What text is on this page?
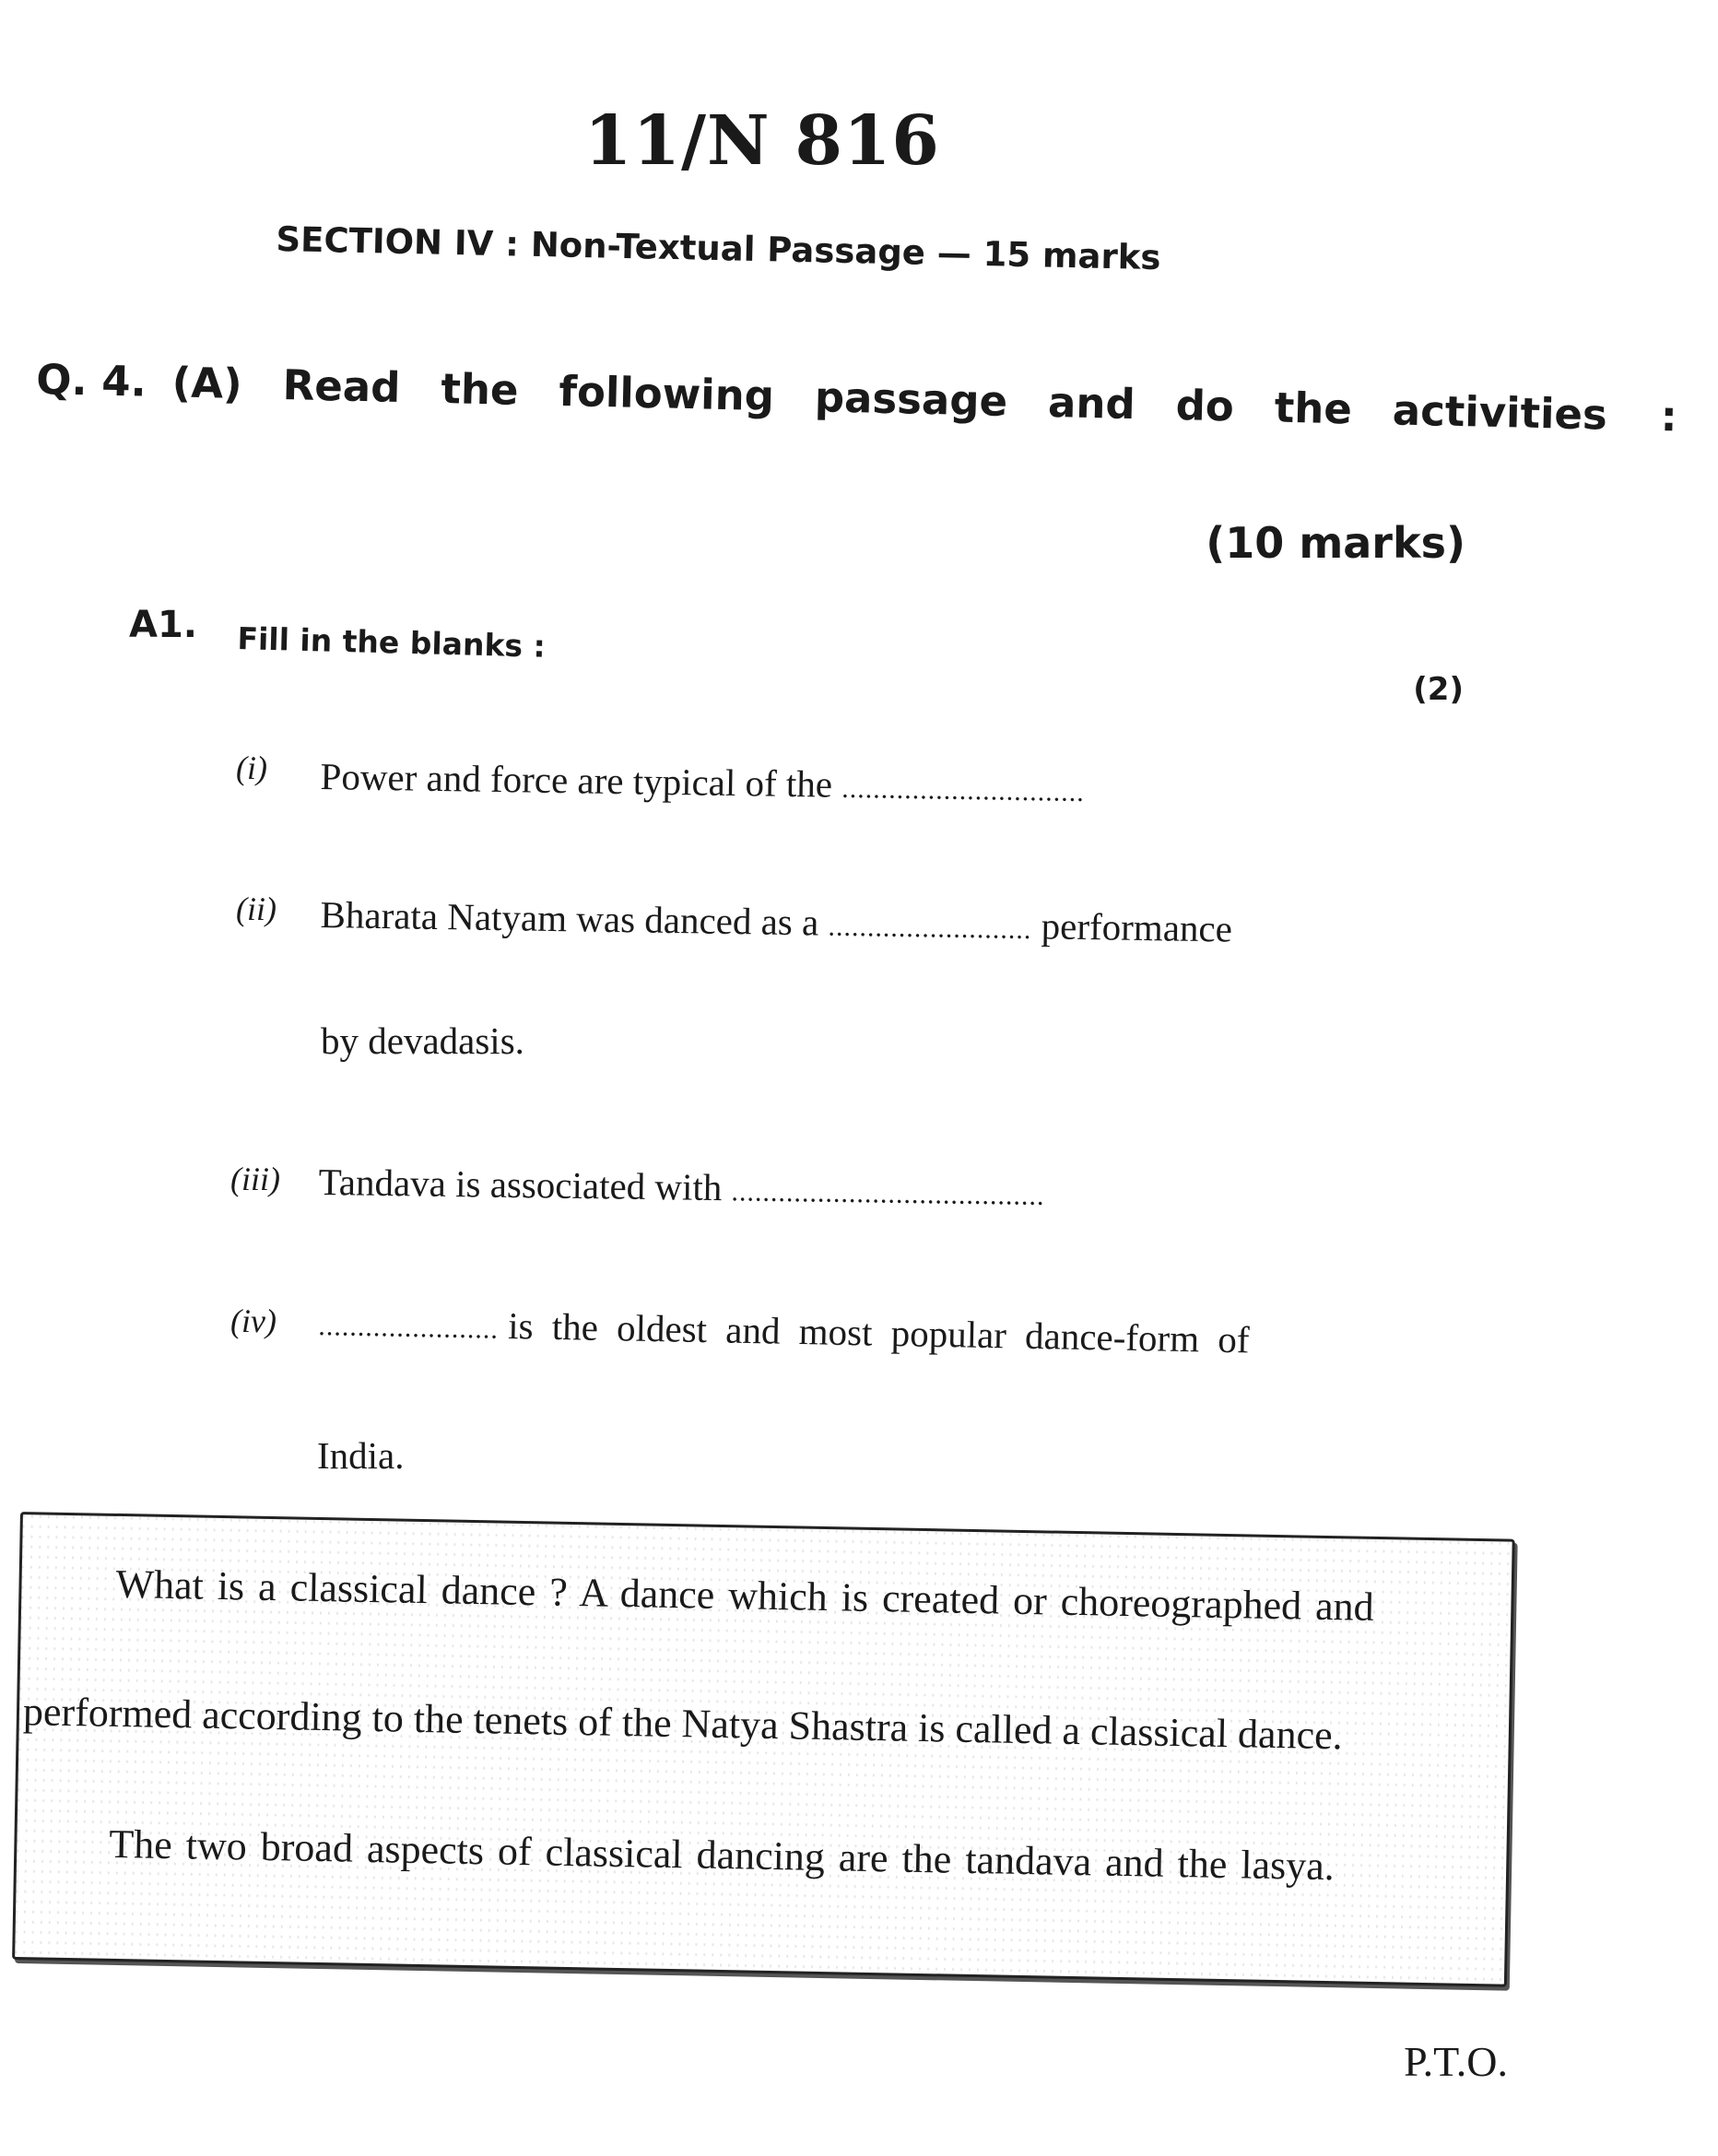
11/N 816
SECTION IV : Non-Textual Passage — 15 marks
Q. 4. (A) Read the following passage and do the activities :
(10 marks)
A1. Fill in the blanks :
(2)
(i) Power and force are typical of the ...............................
(ii) Bharata Natyam was danced as a .......................... performance
by devadasis.
(iii) Tandava is associated with ........................................
(iv) ....................... is the oldest and most popular dance-form of
India.
What is a classical dance ? A dance which is created or choreographed and
performed according to the tenets of the Natya Shastra is called a classical dance.
The two broad aspects of classical dancing are the tandava and the lasya.
P.T.O.
